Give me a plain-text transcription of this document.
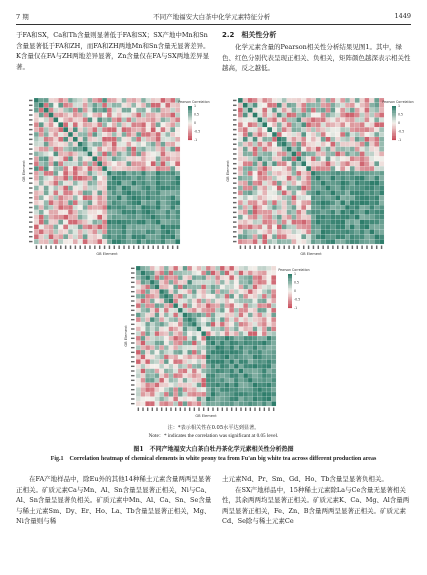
7 期	不同产地福安大白茶中化学元素特征分析	1449

于FA和SX，Ca和Th含量则显著低于FA和SX；SX产地中Mn和Sn含量显著低于FA和ZH，而FA和ZH两地Mn和Sn含量无显著差异。K含量仅在FA与ZH两地差异显著，Zn含量仅在FA与SX两地差异显著。

2.2　相关性分析

化学元素含量的Pearson相关性分析结果见图1。其中，绿色、红色分别代表呈现正相关、负相关，矩阵颜色越深表示相关性越高，反之越低。

GB Element
GB Element
Pearson Correlation
1
0.5
0
-0.5
-1
GB Element
GB Element
Pearson Correlation
1
0.5
0
-0.5
-1
GB Element
GB Element
Pearson Correlation
1
0.5
0
-0.5
-1
注：*表示相关性在0.05水平达到显著。
Note：* indicates the correlation was significant at 0.05 level.
图1　不同产地福安大白茶白牡丹茶化学元素相关性分析热图
Fig.1　Correlation heatmap of chemical elements in white peony tea from Fu'an big white tea across different production areas

在FA产地样品中，除Eu外的其他14种稀土元素含量两两呈显著正相关。矿质元素Ca与Mn、Al、Sn含量呈显著正相关，Ni与Ca、Al、Sn含量呈显著负相关。矿质元素中Mn、Al、Ca、Sn、Se含量与稀土元素Sm、Dy、Er、Ho、La、Tb含量呈显著正相关，Mg、Ni含量则与稀

土元素Nd、Pr、Sm、Gd、Ho、Tb含量呈显著负相关。

在SX产地样品中，15种稀土元素除La与Ce含量无显著相关性，其余两两均呈显著正相关。矿质元素K、Ca、Mg、Al含量两两呈显著正相关，Fe、Zn、B含量两两呈显著正相关。矿质元素Cd、Se除与稀土元素Ce
